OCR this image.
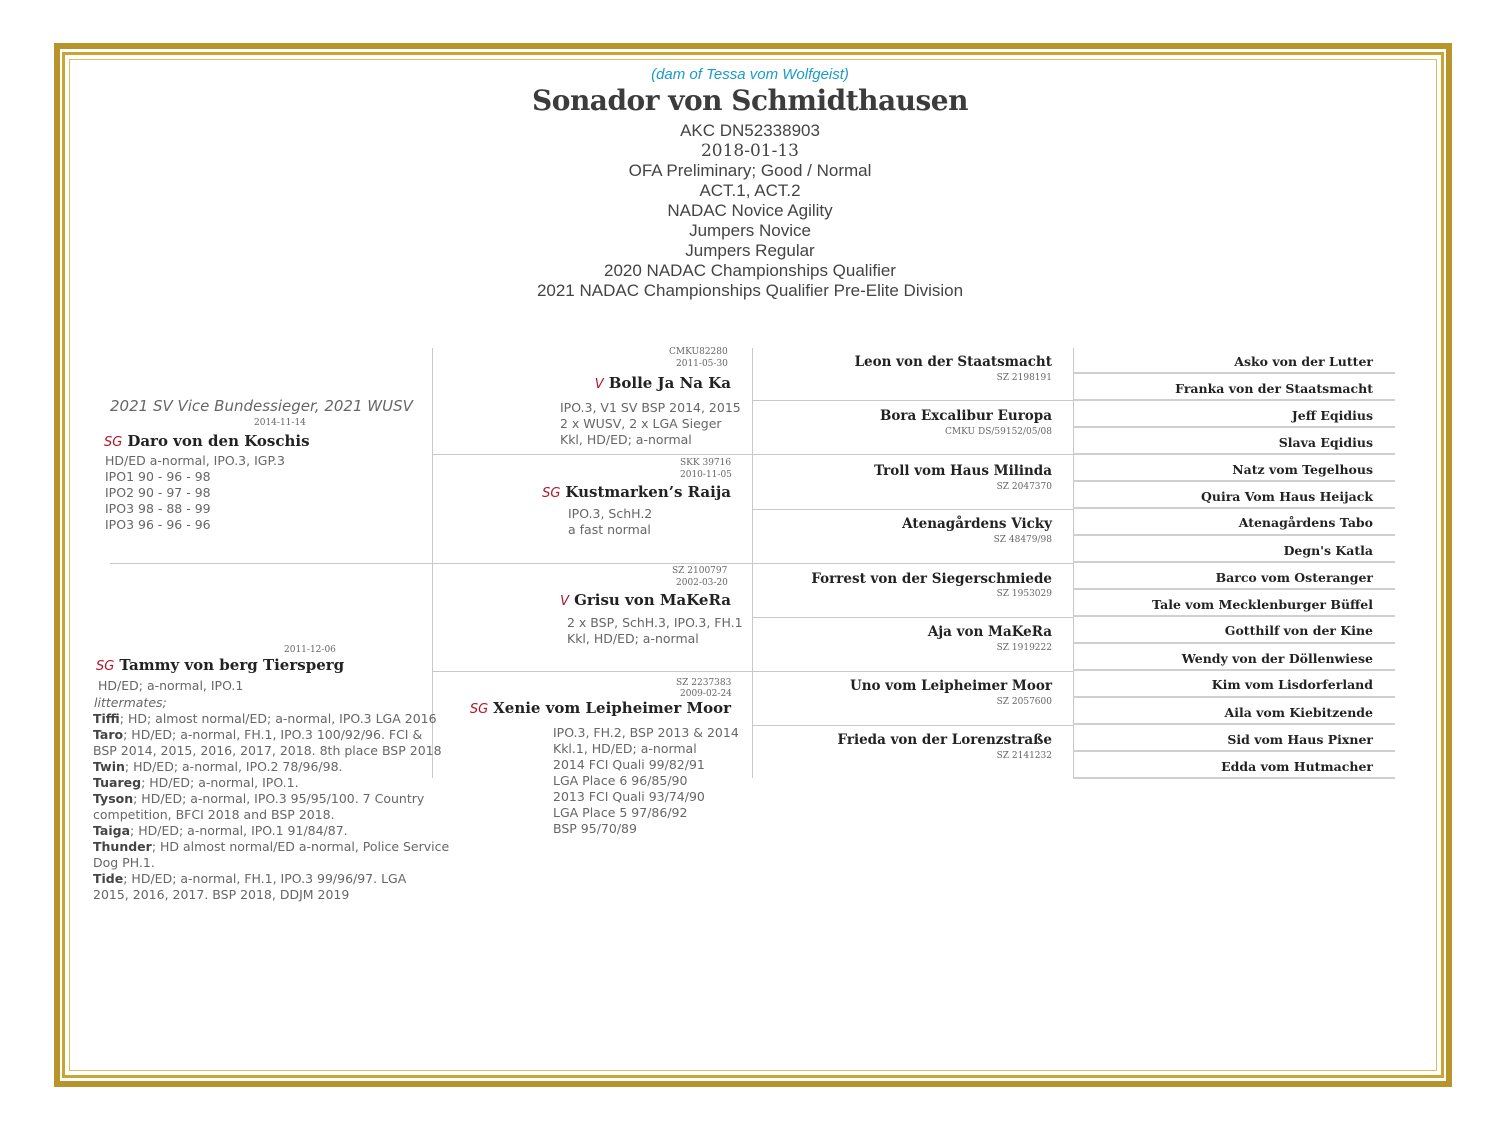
(dam of Tessa vom Wolfgeist)
Sonador von Schmidthausen
AKC DN52338903
2018-01-13
OFA Preliminary; Good / Normal
ACT.1, ACT.2
NADAC Novice Agility
Jumpers Novice
Jumpers Regular
2020 NADAC Championships Qualifier
2021 NADAC Championships Qualifier Pre-Elite Division
2021 SV Vice Bundessieger, 2021 WUSV
2014-11-14
SG Daro von den Koschis
HD/ED a-normal, IPO.3, IGP.3
IPO1 90 - 96 - 98
IPO2 90 - 97 - 98
IPO3 98 - 88 - 99
IPO3 96 - 96 - 96
2011-12-06
SG Tammy von berg Tiersperg
HD/ED; a-normal, IPO.1
littermates;
Tiffi; HD; almost normal/ED; a-normal, IPO.3 LGA 2016
Taro; HD/ED; a-normal, FH.1, IPO.3 100/92/96. FCI &
BSP 2014, 2015, 2016, 2017, 2018. 8th place BSP 2018
Twin; HD/ED; a-normal, IPO.2 78/96/98.
Tuareg; HD/ED; a-normal, IPO.1.
Tyson; HD/ED; a-normal, IPO.3 95/95/100. 7 Country
competition, BFCI 2018 and BSP 2018.
Taiga; HD/ED; a-normal, IPO.1 91/84/87.
Thunder; HD almost normal/ED a-normal, Police Service
Dog PH.1.
Tide; HD/ED; a-normal, FH.1, IPO.3 99/96/97. LGA
2015, 2016, 2017. BSP 2018, DDJM 2019
CMKU82280
2011-05-30
V Bolle Ja Na Ka
IPO.3, V1 SV BSP 2014, 2015
2 x WUSV, 2 x LGA Sieger
Kkl, HD/ED; a-normal
SKK 39716
2010-11-05
SG Kustmarken’s Raija
IPO.3, SchH.2
a fast normal
SZ 2100797
2002-03-20
V Grisu von MaKeRa
2 x BSP, SchH.3, IPO.3, FH.1
Kkl, HD/ED; a-normal
SZ 2237383
2009-02-24
SG Xenie vom Leipheimer Moor
IPO.3, FH.2, BSP 2013 & 2014
Kkl.1, HD/ED; a-normal
2014 FCI Quali 99/82/91
LGA Place 6 96/85/90
2013 FCI Quali 93/74/90
LGA Place 5 97/86/92
BSP 95/70/89
Leon von der Staatsmacht
SZ 2198191
Bora Excalibur Europa
CMKU DS/59152/05/08
Troll vom Haus Milinda
SZ 2047370
Atenagårdens Vicky
SZ 48479/98
Forrest von der Siegerschmiede
SZ 1953029
Aja von MaKeRa
SZ 1919222
Uno vom Leipheimer Moor
SZ 2057600
Frieda von der Lorenzstraße
SZ 2141232
Asko von der Lutter
Franka von der Staatsmacht
Jeff Eqidius
Slava Eqidius
Natz vom Tegelhous
Quira Vom Haus Heijack
Atenagårdens Tabo
Degn's Katla
Barco vom Osteranger
Tale vom Mecklenburger Büffel
Gotthilf von der Kine
Wendy von der Döllenwiese
Kim vom Lisdorferland
Aila vom Kiebitzende
Sid vom Haus Pixner
Edda vom Hutmacher
